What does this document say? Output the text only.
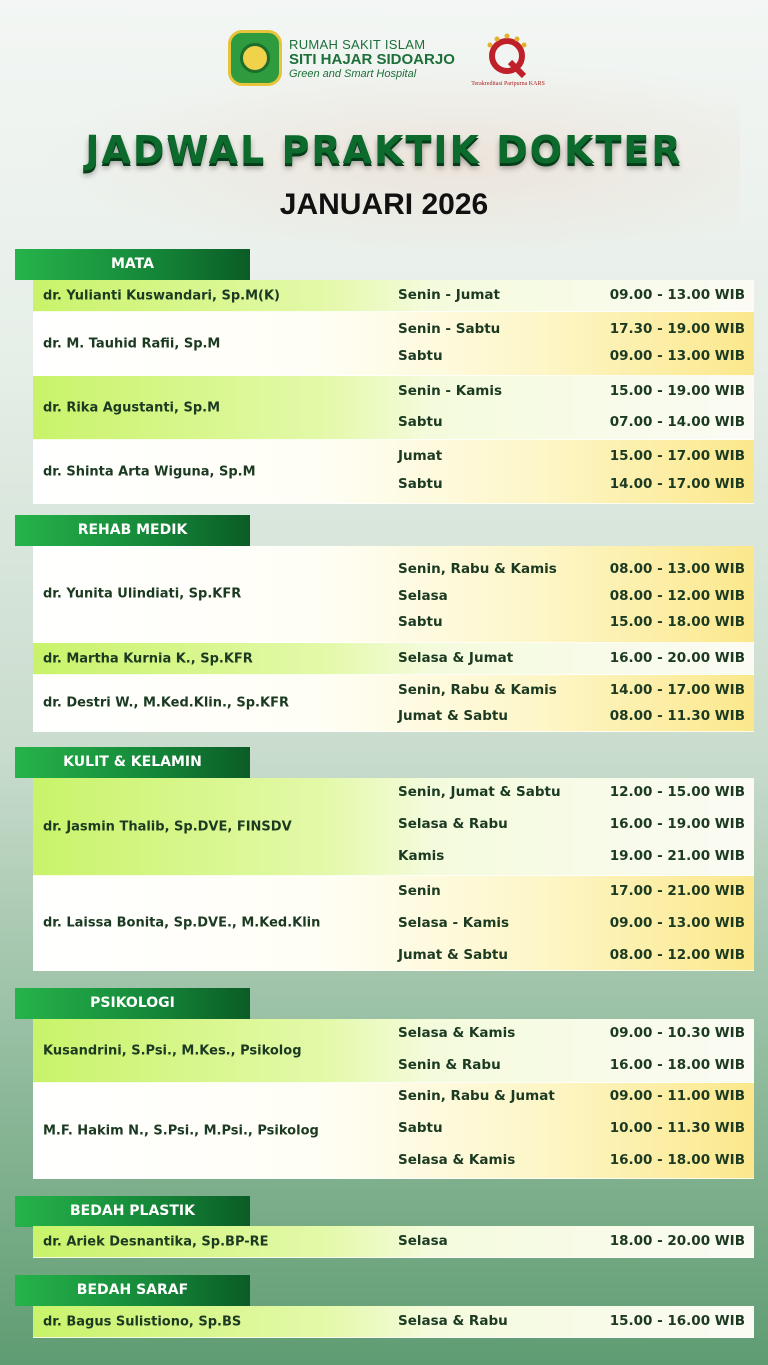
RUMAH SAKIT ISLAM
SITI HAJAR SIDOARJO
Green and Smart Hospital
Terakreditasi Paripurna KARS
JADWAL PRAKTIK DOKTER
JANUARI 2026
MATA
dr. Yulianti Kuswandari, Sp.M(K)	Senin - Jumat	09.00 - 13.00 WIB
dr. M. Tauhid Rafii, Sp.M
Senin - Sabtu	17.30 - 19.00 WIB
Sabtu	09.00 - 13.00 WIB
dr. Rika Agustanti, Sp.M
Senin - Kamis	15.00 - 19.00 WIB
Sabtu	07.00 - 14.00 WIB
dr. Shinta Arta Wiguna, Sp.M
Jumat	15.00 - 17.00 WIB
Sabtu	14.00 - 17.00 WIB
REHAB MEDIK
dr. Yunita Ulindiati, Sp.KFR
Senin, Rabu & Kamis	08.00 - 13.00 WIB
Selasa	08.00 - 12.00 WIB
Sabtu	15.00 - 18.00 WIB
dr. Martha Kurnia K., Sp.KFR	Selasa & Jumat	16.00 - 20.00 WIB
dr. Destri W., M.Ked.Klin., Sp.KFR
Senin, Rabu & Kamis	14.00 - 17.00 WIB
Jumat & Sabtu	08.00 - 11.30 WIB
KULIT & KELAMIN
dr. Jasmin Thalib, Sp.DVE, FINSDV
Senin, Jumat & Sabtu	12.00 - 15.00 WIB
Selasa & Rabu	16.00 - 19.00 WIB
Kamis	19.00 - 21.00 WIB
dr. Laissa Bonita, Sp.DVE., M.Ked.Klin
Senin	17.00 - 21.00 WIB
Selasa - Kamis	09.00 - 13.00 WIB
Jumat & Sabtu	08.00 - 12.00 WIB
PSIKOLOGI
Kusandrini, S.Psi., M.Kes., Psikolog
Selasa & Kamis	09.00 - 10.30 WIB
Senin & Rabu	16.00 - 18.00 WIB
M.F. Hakim N., S.Psi., M.Psi., Psikolog
Senin, Rabu & Jumat	09.00 - 11.00 WIB
Sabtu	10.00 - 11.30 WIB
Selasa & Kamis	16.00 - 18.00 WIB
BEDAH PLASTIK
dr. Ariek Desnantika, Sp.BP-RE	Selasa	18.00 - 20.00 WIB
BEDAH SARAF
dr. Bagus Sulistiono, Sp.BS	Selasa & Rabu	15.00 - 16.00 WIB
